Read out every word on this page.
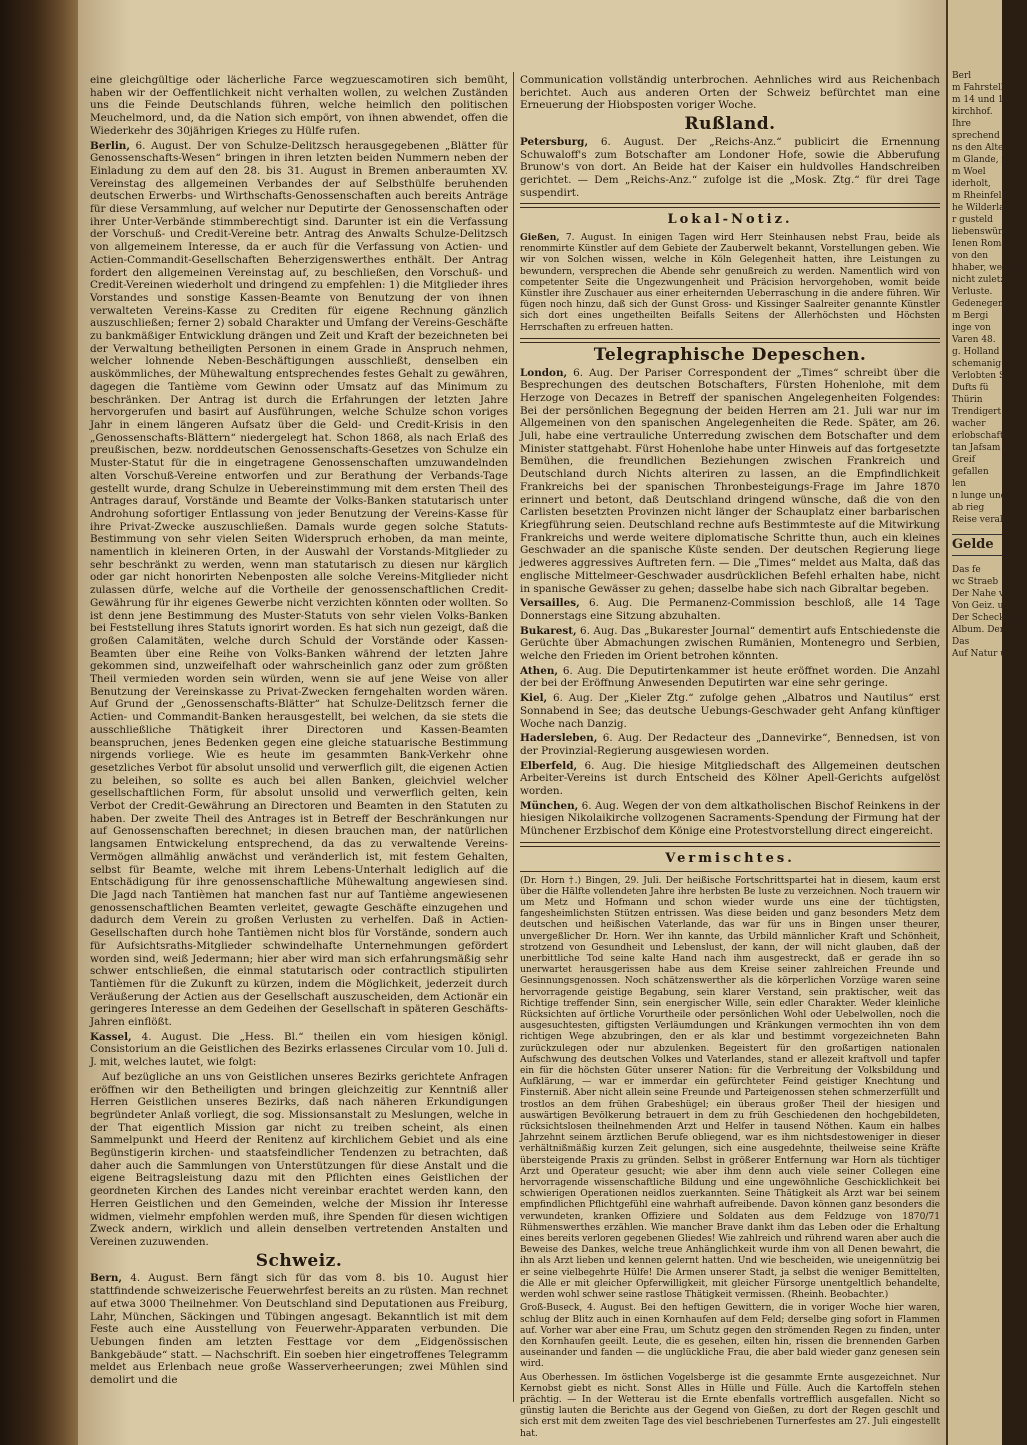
eine gleichgültige oder lächerliche Farce wegzuescamotiren sich bemüht, haben wir der Oeffentlichkeit nicht verhalten wollen, zu welchen Zuständen uns die Feinde Deutschlands führen, welche heimlich den politischen Meuchelmord, und, da die Nation sich empört, von ihnen abwendet, offen die Wiederkehr des 30jährigen Krieges zu Hülfe rufen.

Berlin, 6. August. Der von Schulze-Delitzsch herausgegebenen „Blätter für Genossenschafts-Wesen“ bringen in ihren letzten beiden Nummern neben der Einladung zu dem auf den 28. bis 31. August in Bremen anberaumten XV. Vereinstag des allgemeinen Verbandes der auf Selbsthülfe beruhenden deutschen Erwerbs- und Wirthschafts-Genossenschaften auch bereits Anträge für diese Versammlung, auf welcher nur Deputirte der Genossenschaften oder ihrer Unter-Verbände stimmberechtigt sind. Darunter ist ein die Verfassung der Vorschuß- und Credit-Vereine betr. Antrag des Anwalts Schulze-Delitzsch von allgemeinem Interesse, da er auch für die Verfassung von Actien- und Actien-Commandit-Gesellschaften Beherzigenswerthes enthält. Der Antrag fordert den allgemeinen Vereinstag auf, zu beschließen, den Vorschuß- und Credit-Vereinen wiederholt und dringend zu empfehlen: 1) die Mitglieder ihres Vorstandes und sonstige Kassen-Beamte von Benutzung der von ihnen verwalteten Vereins-Kasse zu Crediten für eigene Rechnung gänzlich auszuschließen; ferner 2) sobald Charakter und Umfang der Vereins-Geschäfte zu bankmäßiger Entwicklung drängen und Zeit und Kraft der bezeichneten bei der Verwaltung betheiligten Personen in einem Grade in Anspruch nehmen, welcher lohnende Neben-Beschäftigungen ausschließt, denselben ein auskömmliches, der Mühewaltung entsprechendes festes Gehalt zu gewähren, dagegen die Tantième vom Gewinn oder Umsatz auf das Minimum zu beschränken. Der Antrag ist durch die Erfahrungen der letzten Jahre hervorgerufen und basirt auf Ausführungen, welche Schulze schon voriges Jahr in einem längeren Aufsatz über die Geld- und Credit-Krisis in den „Genossenschafts-Blättern“ niedergelegt hat. Schon 1868, als nach Erlaß des preußischen, bezw. norddeutschen Genossenschafts-Gesetzes von Schulze ein Muster-Statut für die in eingetragene Genossenschaften umzuwandelnden alten Vorschuß-Vereine entworfen und zur Berathung der Verbands-Tage gestellt wurde, drang Schulze in Uebereinstimmung mit dem ersten Theil des Antrages darauf, Vorstände und Beamte der Volks-Banken statutarisch unter Androhung sofortiger Entlassung von jeder Benutzung der Vereins-Kasse für ihre Privat-Zwecke auszuschließen. Damals wurde gegen solche Statuts-Bestimmung von sehr vielen Seiten Widerspruch erhoben, da man meinte, namentlich in kleineren Orten, in der Auswahl der Vorstands-Mitglieder zu sehr beschränkt zu werden, wenn man statutarisch zu diesen nur kärglich oder gar nicht honorirten Nebenposten alle solche Vereins-Mitglieder nicht zulassen dürfe, welche auf die Vortheile der genossenschaftlichen Credit-Gewährung für ihr eigenes Gewerbe nicht verzichten könnten oder wollten. So ist denn jene Bestimmung des Muster-Statuts von sehr vielen Volks-Banken bei Feststellung ihres Statuts ignorirt worden. Es hat sich nun gezeigt, daß die großen Calamitäten, welche durch Schuld der Vorstände oder Kassen-Beamten über eine Reihe von Volks-Banken während der letzten Jahre gekommen sind, unzweifelhaft oder wahrscheinlich ganz oder zum größten Theil vermieden worden sein würden, wenn sie auf jene Weise von aller Benutzung der Vereinskasse zu Privat-Zwecken ferngehalten worden wären. Auf Grund der „Genossenschafts-Blätter“ hat Schulze-Delitzsch ferner die Actien- und Commandit-Banken herausgestellt, bei welchen, da sie stets die ausschließliche Thätigkeit ihrer Directoren und Kassen-Beamten beanspruchen, jenes Bedenken gegen eine gleiche statuarische Bestimmung nirgends vorliege. Wie es heute im gesammten Bank-Verkehr ohne gesetzliches Verbot für absolut unsolid und verwerflich gilt, die eigenen Actien zu beleihen, so sollte es auch bei allen Banken, gleichviel welcher gesellschaftlichen Form, für absolut unsolid und verwerflich gelten, kein Verbot der Credit-Gewährung an Directoren und Beamten in den Statuten zu haben. Der zweite Theil des Antrages ist in Betreff der Beschränkungen nur auf Genossenschaften berechnet; in diesen brauchen man, der natürlichen langsamen Entwickelung entsprechend, da das zu verwaltende Vereins-Vermögen allmählig anwächst und veränderlich ist, mit festem Gehalten, selbst für Beamte, welche mit ihrem Lebens-Unterhalt lediglich auf die Entschädigung für ihre genossenschaftliche Mühewaltung angewiesen sind. Die Jagd nach Tantièmen hat manchen fast nur auf Tantième angewiesenen genossenschaftlichen Beamten verleitet, gewagte Geschäfte einzugehen und dadurch dem Verein zu großen Verlusten zu verhelfen. Daß in Actien-Gesellschaften durch hohe Tantièmen nicht blos für Vorstände, sondern auch für Aufsichtsraths-Mitglieder schwindelhafte Unternehmungen gefördert worden sind, weiß Jedermann; hier aber wird man sich erfahrungsmäßig sehr schwer entschließen, die einmal statutarisch oder contractlich stipulirten Tantièmen für die Zukunft zu kürzen, indem die Möglichkeit, jederzeit durch Veräußerung der Actien aus der Gesellschaft auszuscheiden, dem Actionär ein geringeres Interesse an dem Gedeihen der Gesellschaft in späteren Geschäfts-Jahren einflößt.

Kassel, 4. August. Die „Hess. Bl.“ theilen ein vom hiesigen königl. Consistorium an die Geistlichen des Bezirks erlassenes Circular vom 10. Juli d. J. mit, welches lautet, wie folgt:

Auf bezügliche an uns von Geistlichen unseres Bezirks gerichtete Anfragen eröffnen wir den Betheiligten und bringen gleichzeitig zur Kenntniß aller Herren Geistlichen unseres Bezirks, daß nach näheren Erkundigungen begründeter Anlaß vorliegt, die sog. Missionsanstalt zu Meslungen, welche in der That eigentlich Mission gar nicht zu treiben scheint, als einen Sammelpunkt und Heerd der Renitenz auf kirchlichem Gebiet und als eine Begünstigerin kirchen- und staatsfeindlicher Tendenzen zu betrachten, daß daher auch die Sammlungen von Unterstützungen für diese Anstalt und die eigene Beitragsleistung dazu mit den Pflichten eines Geistlichen der geordneten Kirchen des Landes nicht vereinbar erachtet werden kann, den Herren Geistlichen und den Gemeinden, welche der Mission ihr Interesse widmen, vielmehr empfohlen werden muß, ihre Spenden für diesen wichtigen Zweck andern, wirklich und allein denselben vertretenden Anstalten und Vereinen zuzuwenden.

Schweiz.

Bern, 4. August. Bern fängt sich für das vom 8. bis 10. August hier stattfindende schweizerische Feuerwehrfest bereits an zu rüsten. Man rechnet auf etwa 3000 Theilnehmer. Von Deutschland sind Deputationen aus Freiburg, Lahr, München, Säckingen und Tübingen angesagt. Bekanntlich ist mit dem Feste auch eine Ausstellung von Feuerwehr-Apparaten verbunden. Die Uebungen finden am letzten Festtage vor dem „Eidgenössischen Bankgebäude“ statt. — Nachschrift. Ein soeben hier eingetroffenes Telegramm meldet aus Erlenbach neue große Wasserverheerungen; zwei Mühlen sind demolirt und die

Communication vollständig unterbrochen. Aehnliches wird aus Reichenbach berichtet. Auch aus anderen Orten der Schweiz befürchtet man eine Erneuerung der Hiobsposten voriger Woche.

Rußland.

Petersburg, 6. August. Der „Reichs-Anz.“ publicirt die Ernennung Schuwaloff's zum Botschafter am Londoner Hofe, sowie die Abberufung Brunow's von dort. An Beide hat der Kaiser ein huldvolles Handschreiben gerichtet. — Dem „Reichs-Anz.“ zufolge ist die „Mosk. Ztg.“ für drei Tage suspendirt.

Lokal-Notiz.

Gießen, 7. August. In einigen Tagen wird Herr Steinhausen nebst Frau, beide als renommirte Künstler auf dem Gebiete der Zauberwelt bekannt, Vorstellungen geben. Wie wir von Solchen wissen, welche in Köln Gelegenheit hatten, ihre Leistungen zu bewundern, versprechen die Abende sehr genußreich zu werden. Namentlich wird von competenter Seite die Ungezwungenheit und Präcision hervorgehoben, womit beide Künstler ihre Zuschauer aus einer erheiternden Ueberraschung in die andere führen. Wir fügen noch hinzu, daß sich der Gunst Gross- und Kissinger Saalreiter genannte Künstler sich dort eines ungetheilten Beifalls Seitens der Allerhöchsten und Höchsten Herrschaften zu erfreuen hatten.

Telegraphische Depeschen.

London, 6. Aug. Der Pariser Correspondent der „Times“ schreibt über die Besprechungen des deutschen Botschafters, Fürsten Hohenlohe, mit dem Herzoge von Decazes in Betreff der spanischen Angelegenheiten Folgendes: Bei der persönlichen Begegnung der beiden Herren am 21. Juli war nur im Allgemeinen von den spanischen Angelegenheiten die Rede. Später, am 26. Juli, habe eine vertrauliche Unterredung zwischen dem Botschafter und dem Minister stattgehabt. Fürst Hohenlohe habe unter Hinweis auf das fortgesetzte Bemühen, die freundlichen Beziehungen zwischen Frankreich und Deutschland durch Nichts alteriren zu lassen, an die Empfindlichkeit Frankreichs bei der spanischen Thronbesteigungs-Frage im Jahre 1870 erinnert und betont, daß Deutschland dringend wünsche, daß die von den Carlisten besetzten Provinzen nicht länger der Schauplatz einer barbarischen Kriegführung seien. Deutschland rechne aufs Bestimmteste auf die Mitwirkung Frankreichs und werde weitere diplomatische Schritte thun, auch ein kleines Geschwader an die spanische Küste senden. Der deutschen Regierung liege jedweres aggressives Auftreten fern. — Die „Times“ meldet aus Malta, daß das englische Mittelmeer-Geschwader ausdrücklichen Befehl erhalten habe, nicht in spanische Gewässer zu gehen; dasselbe habe sich nach Gibraltar begeben.

Versailles, 6. Aug. Die Permanenz-Commission beschloß, alle 14 Tage Donnerstags eine Sitzung abzuhalten.

Bukarest, 6. Aug. Das „Bukarester Journal“ dementirt aufs Entschiedenste die Gerüchte über Abmachungen zwischen Rumänien, Montenegro und Serbien, welche den Frieden im Orient betrohen könnten.

Athen, 6. Aug. Die Deputirtenkammer ist heute eröffnet worden. Die Anzahl der bei der Eröffnung Anwesenden Deputirten war eine sehr geringe.

Kiel, 6. Aug. Der „Kieler Ztg.“ zufolge gehen „Albatros und Nautilus“ erst Sonnabend in See; das deutsche Uebungs-Geschwader geht Anfang künftiger Woche nach Danzig.

Hadersleben, 6. Aug. Der Redacteur des „Dannevirke“, Bennedsen, ist von der Provinzial-Regierung ausgewiesen worden.

Elberfeld, 6. Aug. Die hiesige Mitgliedschaft des Allgemeinen deutschen Arbeiter-Vereins ist durch Entscheid des Kölner Apell-Gerichts aufgelöst worden.

München, 6. Aug. Wegen der von dem altkatholischen Bischof Reinkens in der hiesigen Nikolaikirche vollzogenen Sacraments-Spendung der Firmung hat der Münchener Erzbischof dem Könige eine Protestvorstellung direct eingereicht.

Vermischtes.

(Dr. Horn †.) Bingen, 29. Juli. Der heißische Fortschrittspartei hat in diesem, kaum erst über die Hälfte vollendeten Jahre ihre herbsten Be luste zu verzeichnen. Noch trauern wir um Metz und Hofmann und schon wieder wurde uns eine der tüchtigsten, fangesheimlichsten Stützen entrissen. Was diese beiden und ganz besonders Metz dem deutschen und heißischen Vaterlande, das war für uns in Bingen unser theurer, unvergeßlicher Dr. Horn. Wer ihn kannte, das Urbild männlicher Kraft und Schönheit, strotzend von Gesundheit und Lebenslust, der kann, der will nicht glauben, daß der unerbittliche Tod seine kalte Hand nach ihm ausgestreckt, daß er gerade ihn so unerwartet herausgerissen habe aus dem Kreise seiner zahlreichen Freunde und Gesinnungsgenossen. Noch schätzenswerther als die körperlichen Vorzüge waren seine hervorragende geistige Begabung, sein klarer Verstand, sein praktischer, weit das Richtige treffender Sinn, sein energischer Wille, sein edler Charakter. Weder kleinliche Rücksichten auf örtliche Vorurtheile oder persönlichen Wohl oder Uebelwollen, noch die ausgesuchtesten, giftigsten Verläumdungen und Kränkungen vermochten ihn von dem richtigen Wege abzubringen, den er als klar und bestimmt vorgezeichneten Bahn zurückzulegen oder nur abzulenken. Begeistert für den großartigen nationalen Aufschwung des deutschen Volkes und Vaterlandes, stand er allezeit kraftvoll und tapfer ein für die höchsten Güter unserer Nation: für die Verbreitung der Volksbildung und Aufklärung, — war er immerdar ein gefürchteter Feind geistiger Knechtung und Finsterniß. Aber nicht allein seine Freunde und Parteigenossen stehen schmerzerfüllt und trostlos an dem frühen Grabeshügel; ein überaus großer Theil der hiesigen und auswärtigen Bevölkerung betrauert in dem zu früh Geschiedenen den hochgebildeten, rücksichtslosen theilnehmenden Arzt und Helfer in tausend Nöthen. Kaum ein halbes Jahrzehnt seinem ärztlichen Berufe obliegend, war es ihm nichtsdestoweniger in dieser verhältnißmäßig kurzen Zeit gelungen, sich eine ausgedehnte, theilweise seine Kräfte übersteigende Praxis zu gründen. Selbst in größerer Entfernung war Horn als tüchtiger Arzt und Operateur gesucht; wie aber ihm denn auch viele seiner Collegen eine hervorragende wissenschaftliche Bildung und eine ungewöhnliche Geschicklichkeit bei schwierigen Operationen neidlos zuerkannten. Seine Thätigkeit als Arzt war bei seinem empfindlichen Pflichtgefühl eine wahrhaft aufreibende. Davon können ganz besonders die verwundeten, kranken Offiziere und Soldaten aus dem Feldzuge von 1870/71 Rühmenswerthes erzählen. Wie mancher Brave dankt ihm das Leben oder die Erhaltung eines bereits verloren gegebenen Gliedes! Wie zahlreich und rührend waren aber auch die Beweise des Dankes, welche treue Anhänglichkeit wurde ihm von all Denen bewahrt, die ihn als Arzt lieben und kennen gelernt hatten. Und wie bescheiden, wie uneigennützig bei er seine vielbegehrte Hülfe! Die Armen unserer Stadt, ja selbst die weniger Bemittelten, die Alle er mit gleicher Opferwilligkeit, mit gleicher Fürsorge unentgeltlich behandelte, werden wohl schwer seine rastlose Thätigkeit vermissen. (Rheinh. Beobachter.)

Groß-Buseck, 4. August. Bei den heftigen Gewittern, die in voriger Woche hier waren, schlug der Blitz auch in einen Kornhaufen auf dem Feld; derselbe ging sofort in Flammen auf. Vorher war aber eine Frau, um Schutz gegen den strömenden Regen zu finden, unter den Kornhaufen geeilt. Leute, die es gesehen, eilten hin, rissen die brennenden Garben auseinander und fanden — die unglückliche Frau, die aber bald wieder ganz genesen sein wird.

Aus Oberhessen. Im östlichen Vogelsberge ist die gesammte Ernte ausgezeichnet. Nur Kernobst giebt es nicht. Sonst Alles in Hülle und Fülle. Auch die Kartoffeln stehen prächtig. — In der Wetterau ist die Ernte ebenfalls vortrefflich ausgefallen. Nicht so günstig lauten die Berichte aus der Gegend von Gießen, zu dort der Regen geschlt und sich erst mit dem zweiten Tage des viel beschriebenen Turnerfestes am 27. Juli eingestellt hat.

Berl
m Fahrstell
m 14 und 16
kirchhof.
Ihre
sprechend
ns den Alter
m Glande, ihr
m Woel
iderholt,
m Rheinfeld
he Wilderland
r gusteld
liebenswürdige
Ienen Roman:
von den
hhaber, welche
nicht zuletzt
Verluste.
Gedenegeneri
m Bergi
inge von
Varen 48.
g. Holland
schemanig
Verlobten Sol
Dufts fü
Thürin
Trendigert
wacher
erlobschafts
tan Jafsam
Greif
gefallen
len
n lunge und
ab rieg
Reise veral
Gelde
Das fe
wc Straeb
Der Nahe von
Von Geiz. und
Der Schecks Jun
Album. Der
Das
Auf Natur u
